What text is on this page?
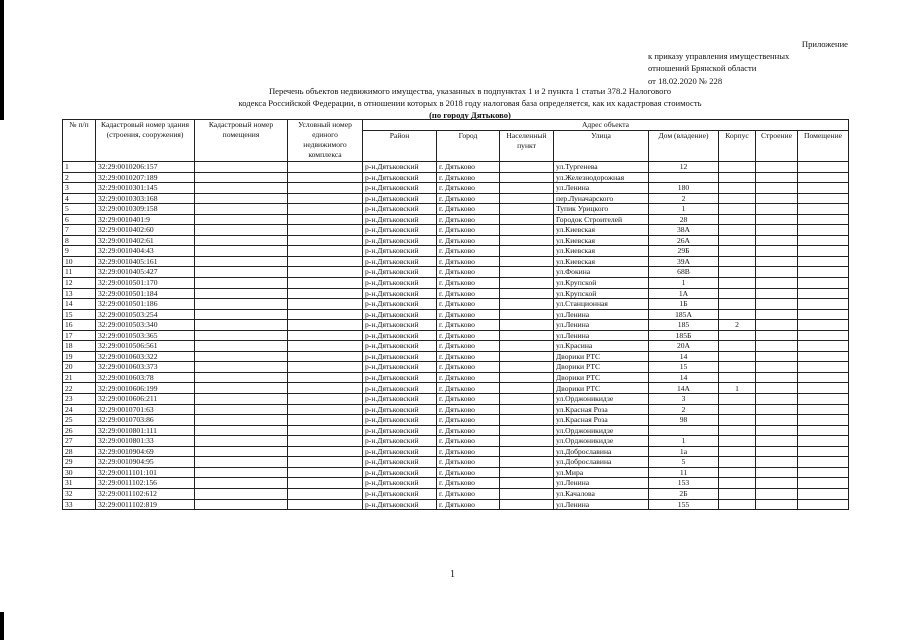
Приложение
к приказу управления имущественных
отношений Брянской области
от 18.02.2020 № 228
Перечень объектов недвижимого имущества, указанных в подпунктах 1 и 2 пункта 1 статьи 378.2 Налогового
кодекса Российской Федерации, в отношении которых в 2018 году налоговая база определяется, как их кадастровая стоимость
(по городу Дятьково)
№ п/п	Кадастровый номер здания (строения, сооружения)	Кадастровый номер помещения	Условный номер единого недвижимого комплекса	Адрес объекта							
				Район	Город	Населенный пункт	Улица	Дом (владение)	Корпус	Строение	Помещение
1	32:29:0010206:157			р-н.Дятьковский	г. Дятьково		ул.Тургенева	12			
2	32:29:0010207:189			р-н.Дятьковский	г. Дятьково		ул.Железнодорожная				
3	32:29:0010301:145			р-н.Дятьковский	г. Дятьково		ул.Ленина	180			
4	32:29:0010303:168			р-н.Дятьковский	г. Дятьково		пер.Луначарского	2			
5	32:29:0010309:158			р-н.Дятьковский	г. Дятьково		Тупик Урицкого	1			
6	32:29:0010401:9			р-н.Дятьковский	г. Дятьково		Городок Строителей	28			
7	32:29:0010402:60			р-н.Дятьковский	г. Дятьково		ул.Киевская	38А			
8	32:29:0010402:61			р-н.Дятьковский	г. Дятьково		ул.Киевская	26А			
9	32:29:0010404:43			р-н.Дятьковский	г. Дятьково		ул.Киевская	29Б			
10	32:29:0010405:161			р-н.Дятьковский	г. Дятьково		ул.Киевская	39А			
11	32:29:0010405:427			р-н.Дятьковский	г. Дятьково		ул.Фокина	68В			
12	32:29:0010501:170			р-н.Дятьковский	г. Дятьково		ул.Крупской	1			
13	32:29:0010501:184			р-н.Дятьковский	г. Дятьково		ул.Крупской	1А			
14	32:29:0010501:186			р-н.Дятьковский	г. Дятьково		ул.Станционная	1Б			
15	32:29:0010503:254			р-н.Дятьковский	г. Дятьково		ул.Ленина	185А			
16	32:29:0010503:340			р-н.Дятьковский	г. Дятьково		ул.Ленина	185	2		
17	32:29:0010503:365			р-н.Дятьковский	г. Дятьково		ул.Ленина	185Б			
18	32:29:0010506:561			р-н.Дятьковский	г. Дятьково		ул.Красина	20А			
19	32:29:0010603:322			р-н.Дятьковский	г. Дятьково		Дворики РТС	14			
20	32:29:0010603:373			р-н.Дятьковский	г. Дятьково		Дворики РТС	15			
21	32:29:0010603:78			р-н.Дятьковский	г. Дятьково		Дворики РТС	14			
22	32:29:0010606:199			р-н.Дятьковский	г. Дятьково		Дворики РТС	14А	1		
23	32:29:0010606:211			р-н.Дятьковский	г. Дятьково		ул.Орджоникидзе	3			
24	32:29:0010701:63			р-н.Дятьковский	г. Дятьково		ул.Красная Роза	2			
25	32:29:0010703:86			р-н.Дятьковский	г. Дятьково		ул.Красная Роза	98			
26	32:29:0010801:111			р-н.Дятьковский	г. Дятьково		ул.Орджоникидзе				
27	32:29:0010801:33			р-н.Дятьковский	г. Дятьково		ул.Орджоникидзе	1			
28	32:29:0010904:69			р-н.Дятьковский	г. Дятьково		ул.Доброславина	1а			
29	32:29:0010904:95			р-н.Дятьковский	г. Дятьково		ул.Доброславина	5			
30	32:29:0011101:101			р-н.Дятьковский	г. Дятьково		ул.Мира	11			
31	32:29:0011102:156			р-н.Дятьковский	г. Дятьково		ул.Ленина	153			
32	32:29:0011102:612			р-н.Дятьковский	г. Дятьково		ул.Качалова	2Б			
33	32:29:0011102:819			р-н.Дятьковский	г. Дятьково		ул.Ленина	155			
1
